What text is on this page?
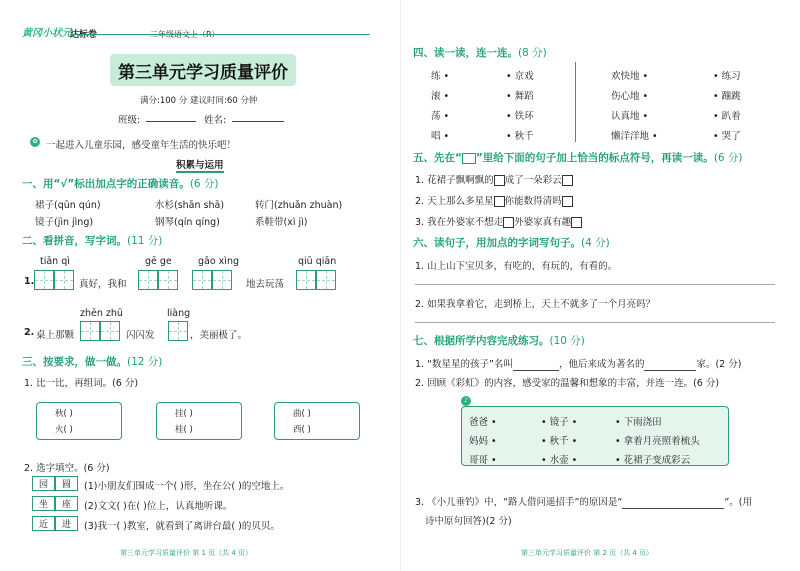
黄冈小状元
达标卷	二年级语文上（R）
第三单元学习质量评价
满分:100 分 建议时间:60 分钟
班级:	姓名:
✿ 一起进入儿童乐园，感受童年生活的快乐吧！
积累与运用
一、用“√”标出加点字的正确读音。(6 分)
裙子(qūn qún)	水杉(shān shā)	转门(zhuǎn zhuàn)
镜子(jìn jìng)	钢琴(qín qíng)	系鞋带(xì jì)
二、看拼音，写字词。(11 分)
tiān qì	gē ge	gāo xìng	qiū qiān
1.	真好，我和	地去玩荡
zhēn zhū	liàng
2. 桌上那颗	闪闪发	，美丽极了。
三、按要求，做一做。(12 分)
1. 比一比，再组词。(6 分)
秋( )
火( )
挂( )
桂( )
曲( )
西( )
2. 选字填空。(6 分)
园 圆	(1)小朋友们围成一个( )形，坐在公( )的空地上。
坐 座	(2)文文( )在( )位上，认真地听课。
近 进	(3)我一( )教室，就看到了离讲台最( )的贝贝。
第三单元学习质量评价 第 1 页（共 4 页）
四、读一读，连一连。(8 分)
练 •
滚 •
荡 •
唱 •
• 京戏
• 舞蹈
• 铁环
• 秋千
欢快地 •
伤心地 •
认真地 •
懒洋洋地 •
• 练习
• 蹦跳
• 趴着
• 哭了
五、先在“ ”里给下面的句子加上恰当的标点符号，再读一读。(6 分)
1. 花裙子飘啊飘的 成了一朵彩云
2. 天上那么多星星 你能数得清吗
3. 我在外婆家不想走 外婆家真有趣
六、读句子，用加点的字词写句子。(4 分)
1. 山上山下宝贝多，有吃的，有玩的，有看的。
2. 如果我拿着它，走到桥上，天上不就多了一个月亮吗？
七、根据所学内容完成练习。(10 分)
1. “数星星的孩子”名叫	，他后来成为著名的	家。(2 分)
2. 回顾《彩虹》的内容，感受家的温馨和想象的丰富，并连一连。(6 分)
♪
爸爸 •
妈妈 •
哥哥 •
• 镜子 •
• 秋千 •
• 水壶 •
• 下雨浇田
• 拿着月亮照着梳头
• 花裙子变成彩云
3. 《小儿垂钓》中，“路人借问遥招手”的原因是“	”。(用
诗中原句回答)(2 分)
第三单元学习质量评价 第 2 页（共 4 页）
